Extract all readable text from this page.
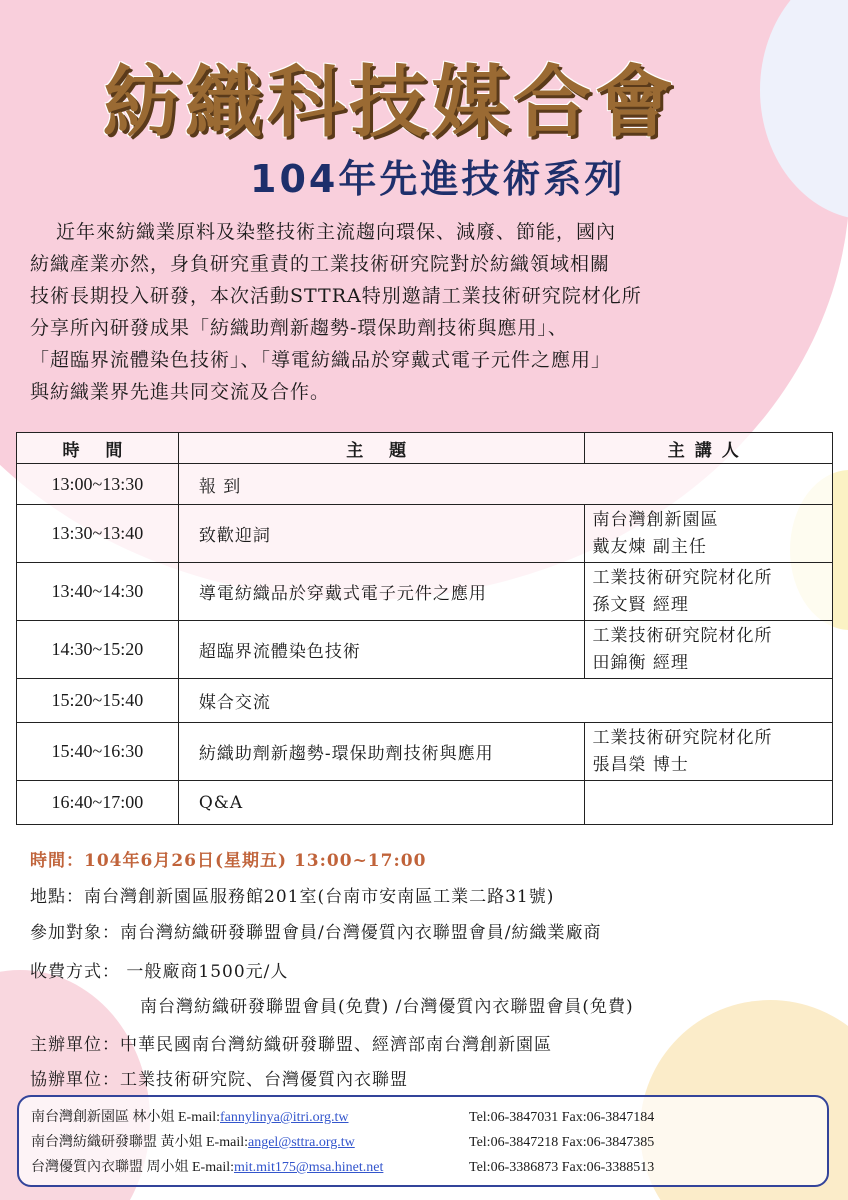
紡織科技媒合會
104年先進技術系列
近年來紡織業原料及染整技術主流趨向環保、減廢、節能，國內
紡織產業亦然，身負研究重責的工業技術研究院對於紡織領域相關
技術長期投入研發，本次活動STTRA特別邀請工業技術研究院材化所
分享所內研發成果「紡織助劑新趨勢-環保助劑技術與應用」、
「超臨界流體染色技術」、「導電紡織品於穿戴式電子元件之應用」
與紡織業界先進共同交流及合作。
時 間	主 題	主講人
13:00~13:30	報 到	
13:30~13:40	致歡迎詞	南台灣創新園區
戴友煉 副主任

13:40~14:30	導電紡織品於穿戴式電子元件之應用	工業技術研究院材化所
孫文賢 經理

14:30~15:20	超臨界流體染色技術	工業技術研究院材化所
田錦衡 經理

15:20~15:40	媒合交流	
15:40~16:30	紡織助劑新趨勢-環保助劑技術與應用	工業技術研究院材化所
張昌榮 博士

16:40~17:00	Q&A	
時間：104年6月26日(星期五) 13:00~17:00
地點：南台灣創新園區服務館201室(台南市安南區工業二路31號)
參加對象：南台灣紡織研發聯盟會員/台灣優質內衣聯盟會員/紡織業廠商
收費方式： 一般廠商1500元/人
南台灣紡織研發聯盟會員(免費) /台灣優質內衣聯盟會員(免費)
主辦單位：中華民國南台灣紡織研發聯盟、經濟部南台灣創新園區
協辦單位：工業技術研究院、台灣優質內衣聯盟
南台灣創新園區 林小姐 E-mail:fannylinya@itri.org.tw	Tel:06-3847031 Fax:06-3847184
南台灣紡織研發聯盟 黃小姐 E-mail:angel@sttra.org.tw	Tel:06-3847218 Fax:06-3847385
台灣優質內衣聯盟 周小姐 E-mail:mit.mit175@msa.hinet.net	Tel:06-3386873 Fax:06-3388513
